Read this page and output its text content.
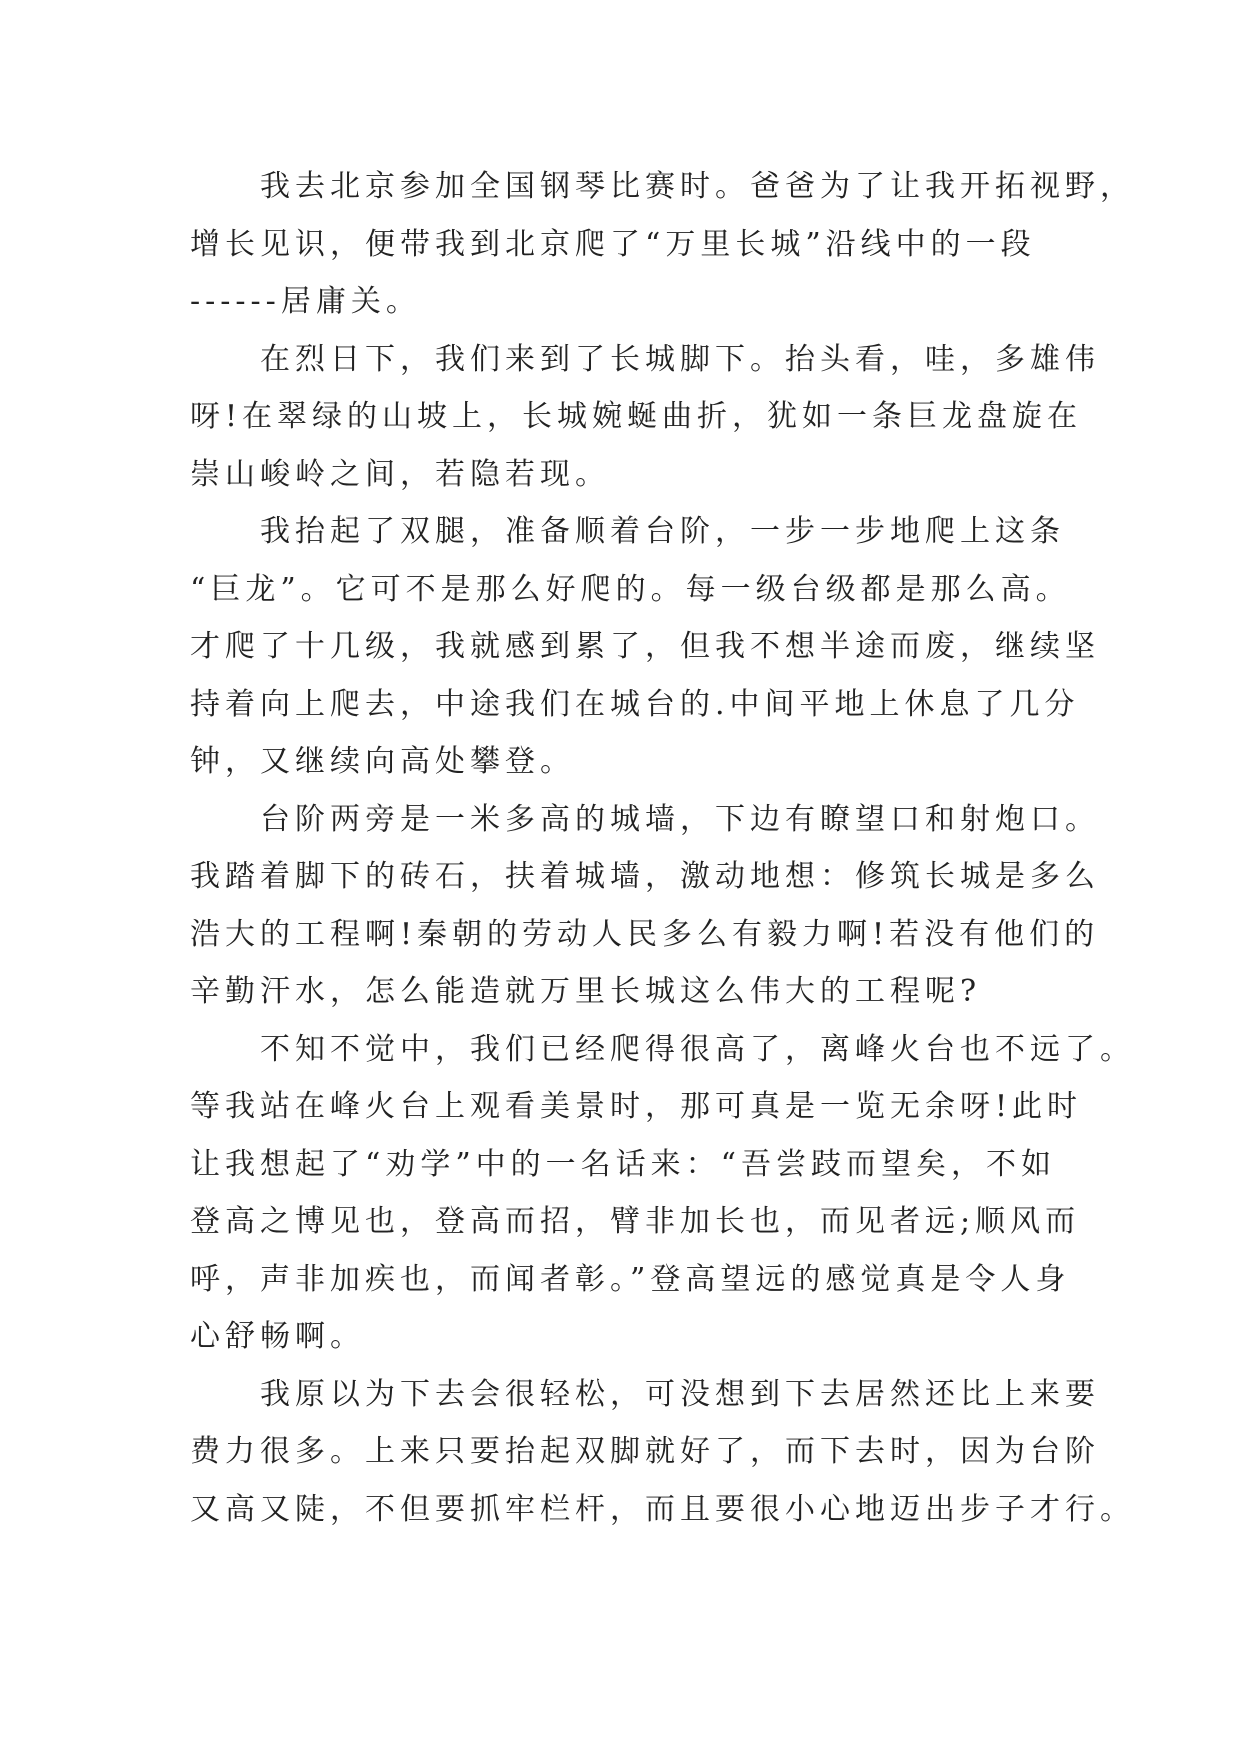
我去北京参加全国钢琴比赛时。爸爸为了让我开拓视野，
增长见识，便带我到北京爬了“万里长城”沿线中的一段
------居庸关。

在烈日下，我们来到了长城脚下。抬头看，哇，多雄伟
呀!在翠绿的山坡上，长城婉蜒曲折，犹如一条巨龙盘旋在
崇山峻岭之间，若隐若现。

我抬起了双腿，准备顺着台阶，一步一步地爬上这条
“巨龙”。它可不是那么好爬的。每一级台级都是那么高。
才爬了十几级，我就感到累了，但我不想半途而废，继续坚
持着向上爬去，中途我们在城台的.中间平地上休息了几分
钟，又继续向高处攀登。

台阶两旁是一米多高的城墙，下边有瞭望口和射炮口。
我踏着脚下的砖石，扶着城墙，激动地想：修筑长城是多么
浩大的工程啊!秦朝的劳动人民多么有毅力啊!若没有他们的
辛勤汗水，怎么能造就万里长城这么伟大的工程呢?

不知不觉中，我们已经爬得很高了，离峰火台也不远了。
等我站在峰火台上观看美景时，那可真是一览无余呀!此时
让我想起了“劝学”中的一名话来：“吾尝跂而望矣，不如
登高之博见也，登高而招，臂非加长也，而见者远;顺风而
呼，声非加疾也，而闻者彰。”登高望远的感觉真是令人身
心舒畅啊。

我原以为下去会很轻松，可没想到下去居然还比上来要
费力很多。上来只要抬起双脚就好了，而下去时，因为台阶
又高又陡，不但要抓牢栏杆，而且要很小心地迈出步子才行。
